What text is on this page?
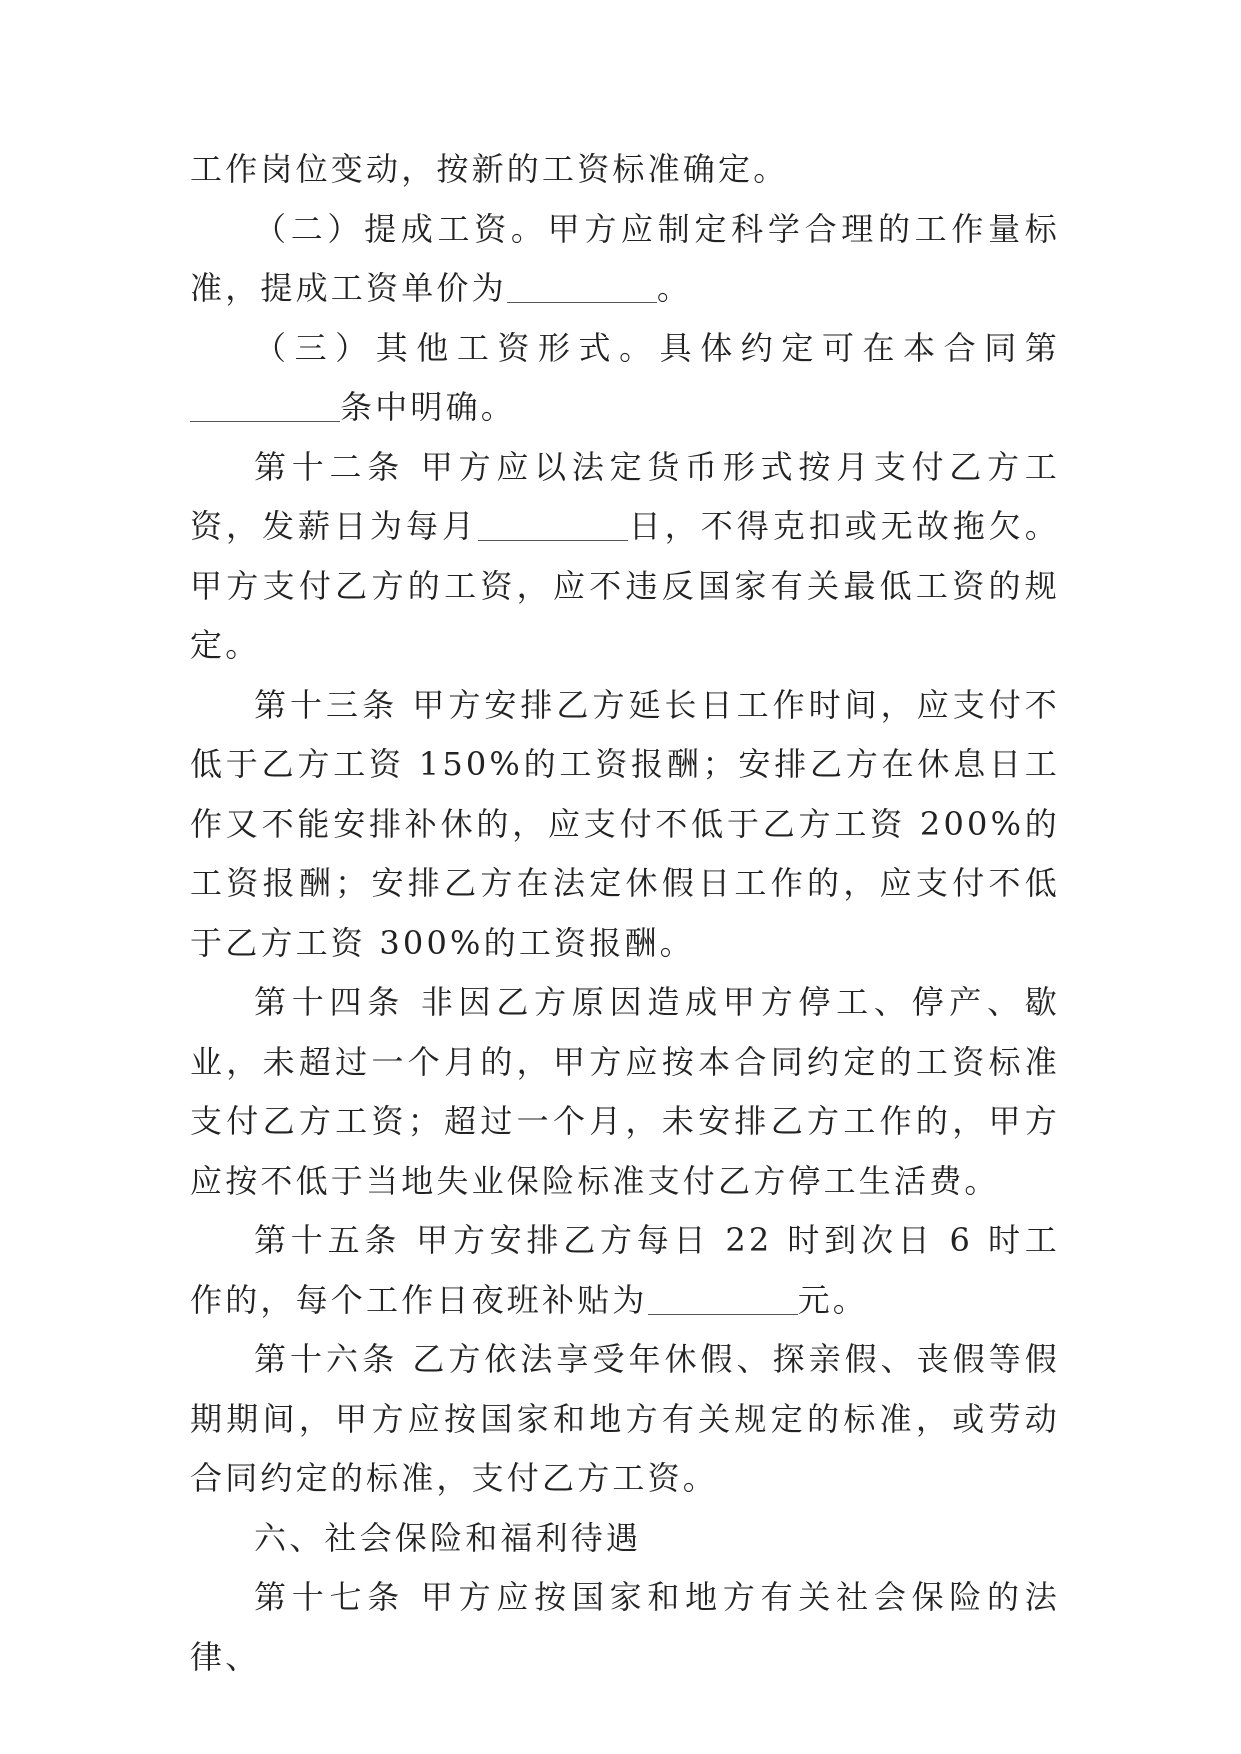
工作岗位变动，按新的工资标准确定。

（二）提成工资。甲方应制定科学合理的工作量标准，提成工资单价为	。

（三）其他工资形式。具体约定可在本合同第条中明确。

第十二条 甲方应以法定货币形式按月支付乙方工资，发薪日为每月	日，不得克扣或无故拖欠。甲方支付乙方的工资，应不违反国家有关最低工资的规定。

第十三条 甲方安排乙方延长日工作时间，应支付不低于乙方工资 150%的工资报酬；安排乙方在休息日工作又不能安排补休的，应支付不低于乙方工资 200%的工资报酬；安排乙方在法定休假日工作的，应支付不低于乙方工资 300%的工资报酬。

第十四条 非因乙方原因造成甲方停工、停产、歇业，未超过一个月的，甲方应按本合同约定的工资标准支付乙方工资；超过一个月，未安排乙方工作的，甲方应按不低于当地失业保险标准支付乙方停工生活费。

第十五条 甲方安排乙方每日 22 时到次日 6 时工作的，每个工作日夜班补贴为	元。

第十六条 乙方依法享受年休假、探亲假、丧假等假期期间，甲方应按国家和地方有关规定的标准，或劳动合同约定的标准，支付乙方工资。

六、社会保险和福利待遇

第十七条 甲方应按国家和地方有关社会保险的法律、
